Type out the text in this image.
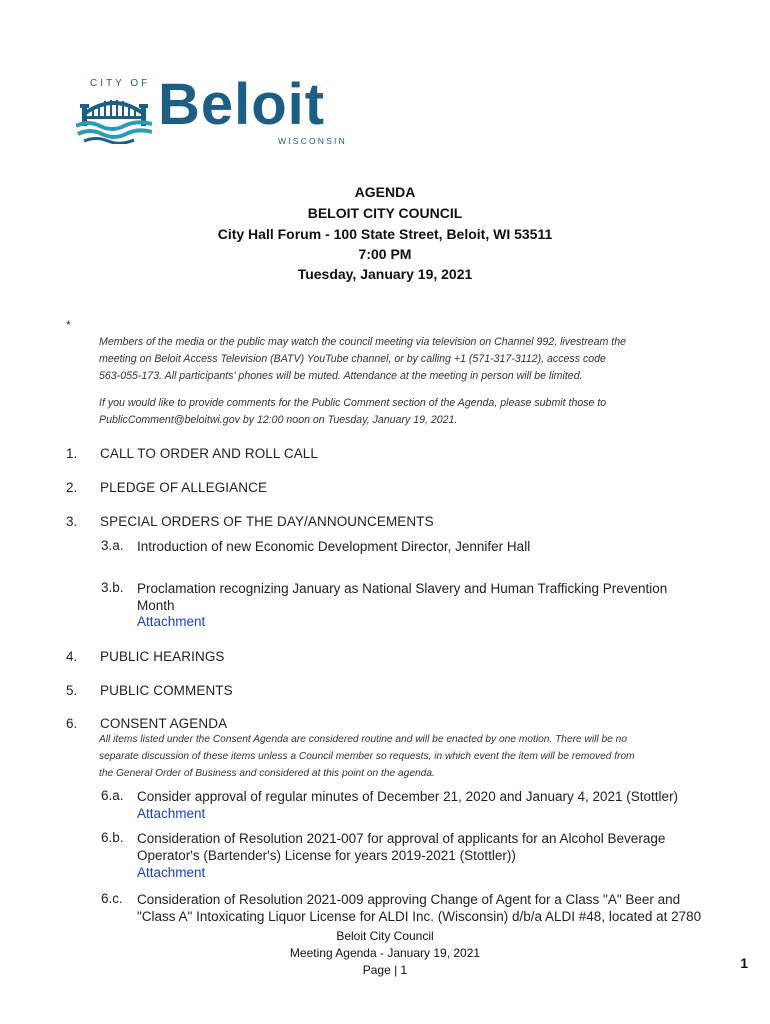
CITY OF Beloit
WISCONSIN
AGENDA
BELOIT CITY COUNCIL
City Hall Forum - 100 State Street, Beloit, WI 53511
7:00 PM
Tuesday, January 19, 2021
*
Members of the media or the public may watch the council meeting via television on Channel 992, livestream the
meeting on Beloit Access Television (BATV) YouTube channel, or by calling +1 (571-317-3112), access code
563-055-173. All participants' phones will be muted. Attendance at the meeting in person will be limited.
If you would like to provide comments for the Public Comment section of the Agenda, please submit those to
PublicComment@beloitwi.gov by 12:00 noon on Tuesday, January 19, 2021.
1. CALL TO ORDER AND ROLL CALL
2. PLEDGE OF ALLEGIANCE
3. SPECIAL ORDERS OF THE DAY/ANNOUNCEMENTS
3.a. Introduction of new Economic Development Director, Jennifer Hall
3.b. Proclamation recognizing January as National Slavery and Human Trafficking Prevention
Month
Attachment
4. PUBLIC HEARINGS
5. PUBLIC COMMENTS
6. CONSENT AGENDA
All items listed under the Consent Agenda are considered routine and will be enacted by one motion. There will be no
separate discussion of these items unless a Council member so requests, in which event the item will be removed from
the General Order of Business and considered at this point on the agenda.
6.a. Consider approval of regular minutes of December 21, 2020 and January 4, 2021 (Stottler)
Attachment
6.b. Consideration of Resolution 2021-007 for approval of applicants for an Alcohol Beverage
Operator's (Bartender's) License for years 2019-2021 (Stottler))
Attachment
6.c. Consideration of Resolution 2021-009 approving Change of Agent for a Class "A" Beer and
"Class A" Intoxicating Liquor License for ALDI Inc. (Wisconsin) d/b/a ALDI #48, located at 2780
Beloit City Council
Meeting Agenda - January 19, 2021
Page | 1	1
